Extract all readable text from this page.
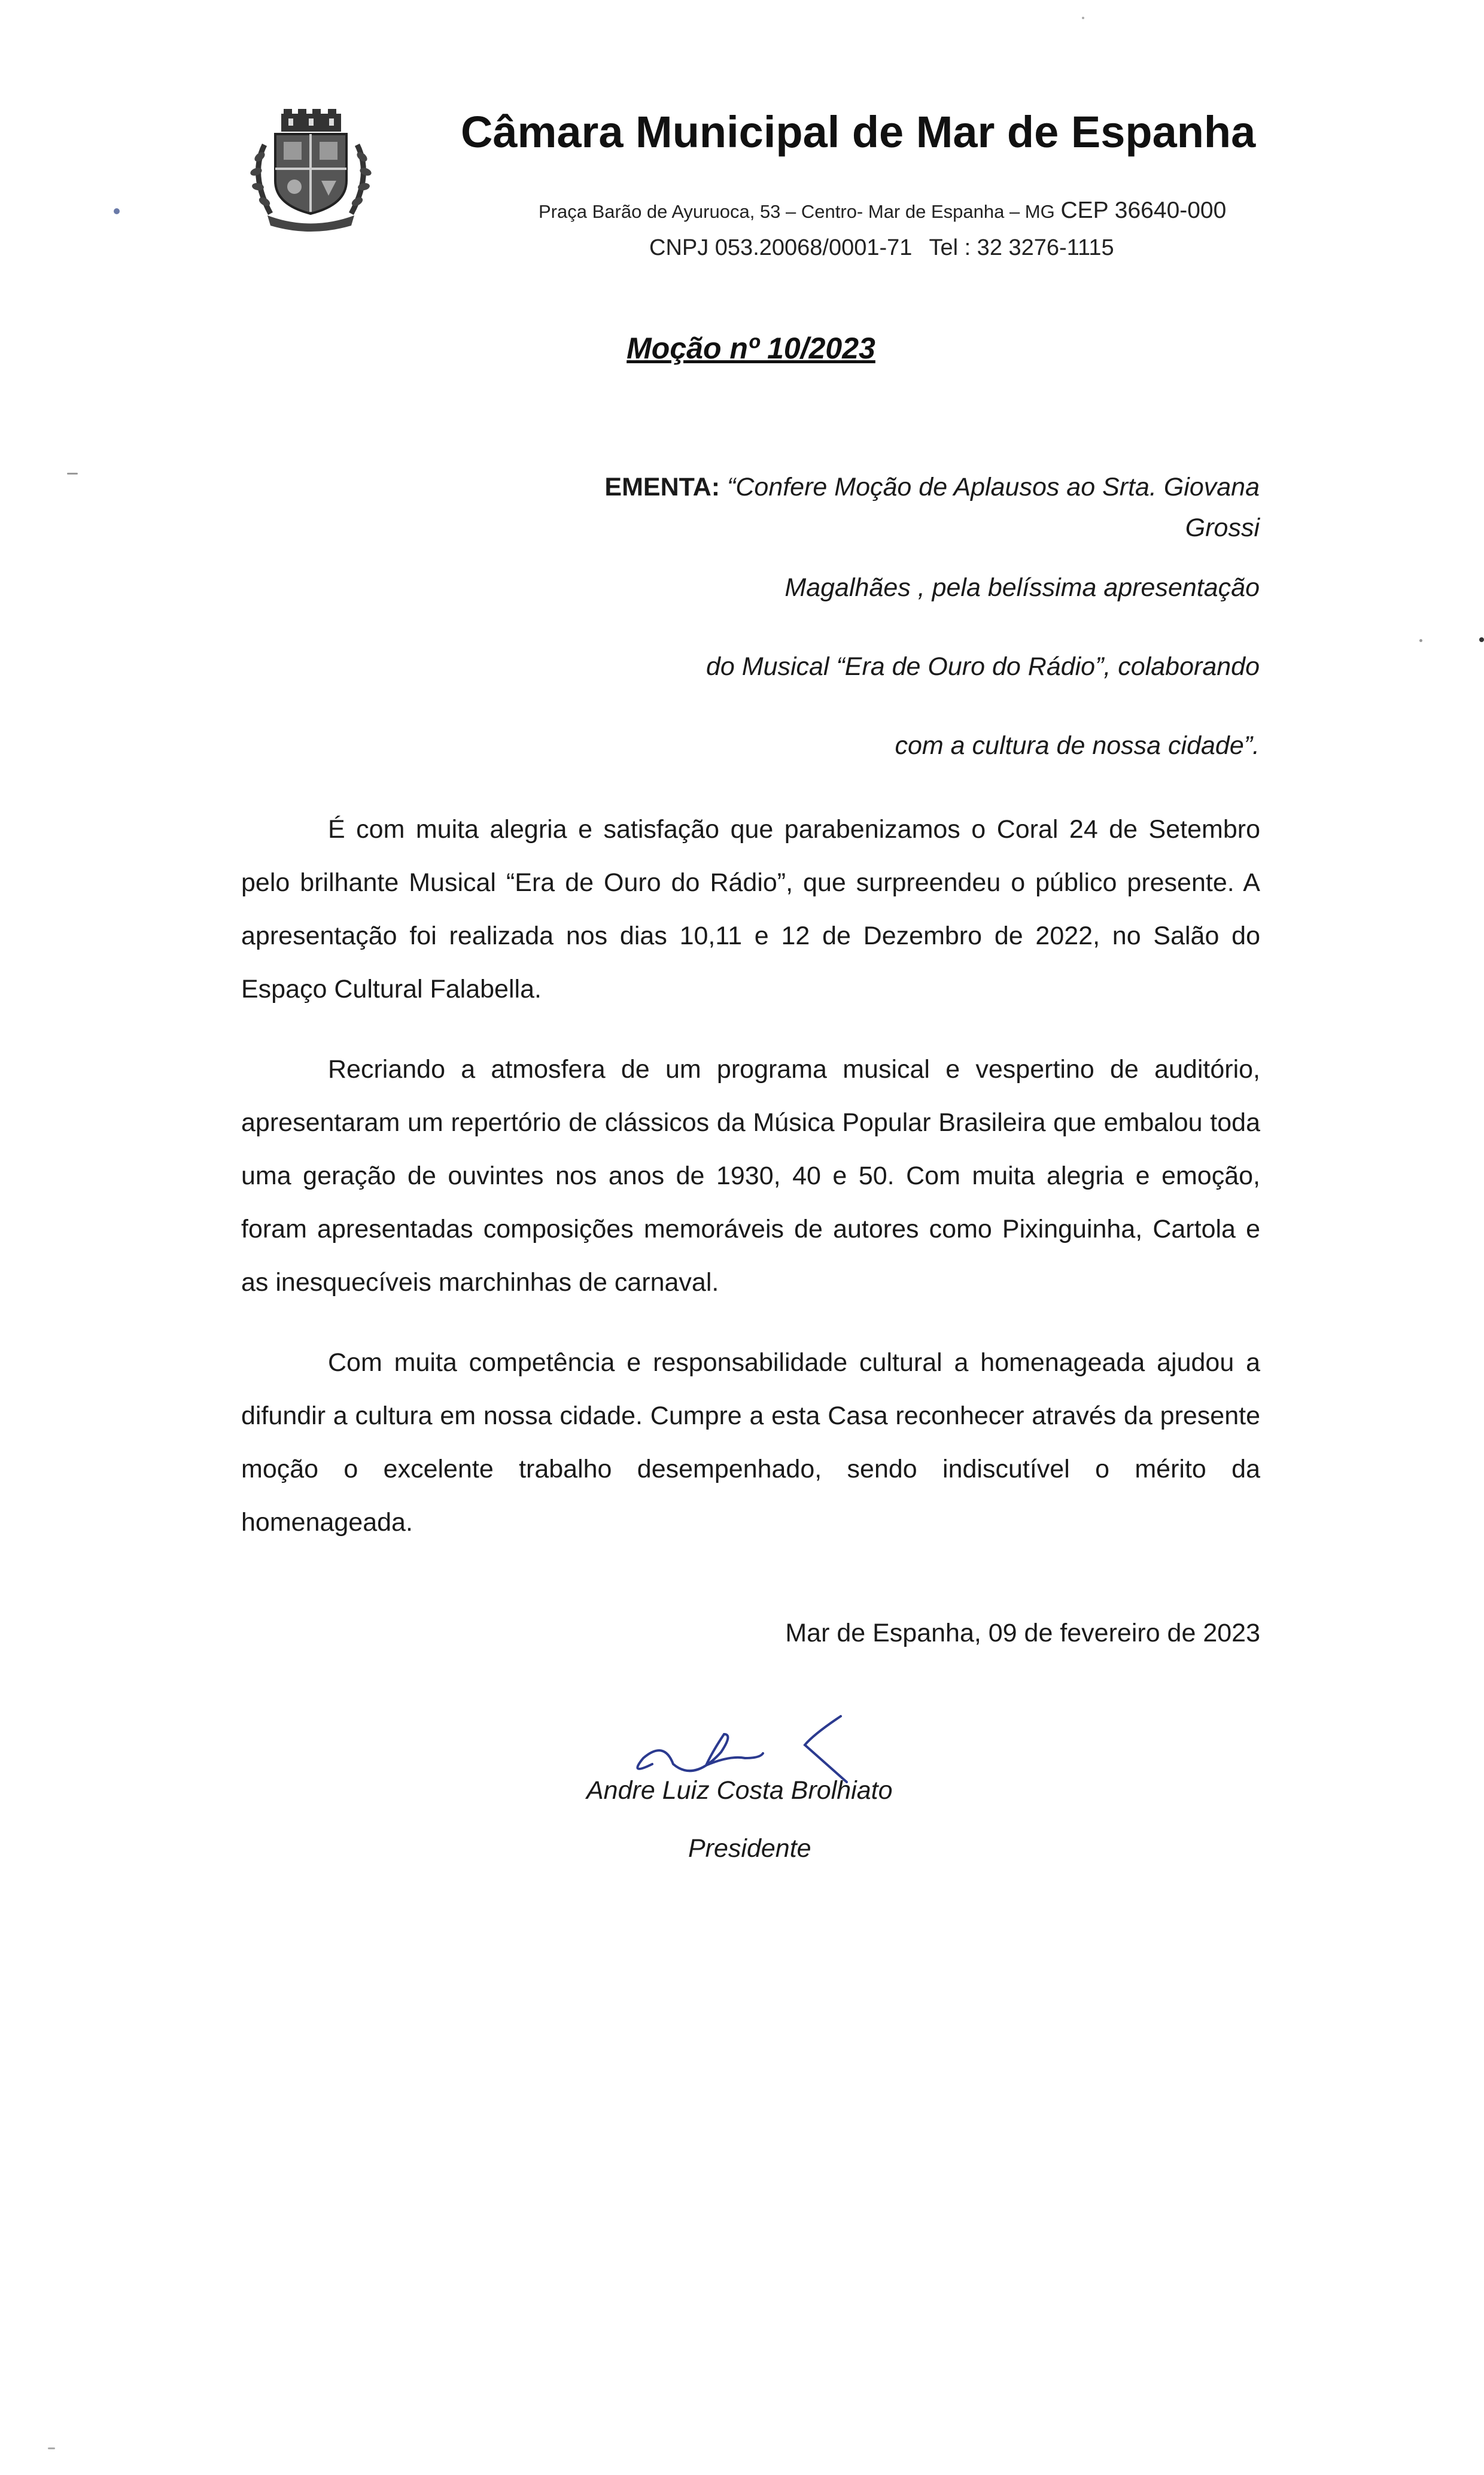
Câmara Municipal de Mar de Espanha
Praça Barão de Ayuruoca, 53 – Centro- Mar de Espanha – MG CEP 36640-000
CNPJ 053.20068/0001-71 Tel : 32 3276-1115
Moção nº 10/2023
EMENTA: “Confere Moção de Aplausos ao Srta. Giovana Grossi
Magalhães , pela belíssima apresentação
do Musical “Era de Ouro do Rádio”, colaborando
com a cultura de nossa cidade”.

É com muita alegria e satisfação que parabenizamos o Coral 24 de Setembro pelo brilhante Musical “Era de Ouro do Rádio”, que surpreendeu o público presente. A apresentação foi realizada nos dias 10,11 e 12 de Dezembro de 2022, no Salão do Espaço Cultural Falabella.

Recriando a atmosfera de um programa musical e vespertino de auditório, apresentaram um repertório de clássicos da Música Popular Brasileira que embalou toda uma geração de ouvintes nos anos de 1930, 40 e 50. Com muita alegria e emoção, foram apresentadas composições memoráveis de autores como Pixinguinha, Cartola e as inesquecíveis marchinhas de carnaval.

Com muita competência e responsabilidade cultural a homenageada ajudou a difundir a cultura em nossa cidade. Cumpre a esta Casa reconhecer através da presente moção o excelente trabalho desempenhado, sendo indiscutível o mérito da homenageada.

Mar de Espanha, 09 de fevereiro de 2023
Andre Luiz Costa Brolhiato
Presidente
